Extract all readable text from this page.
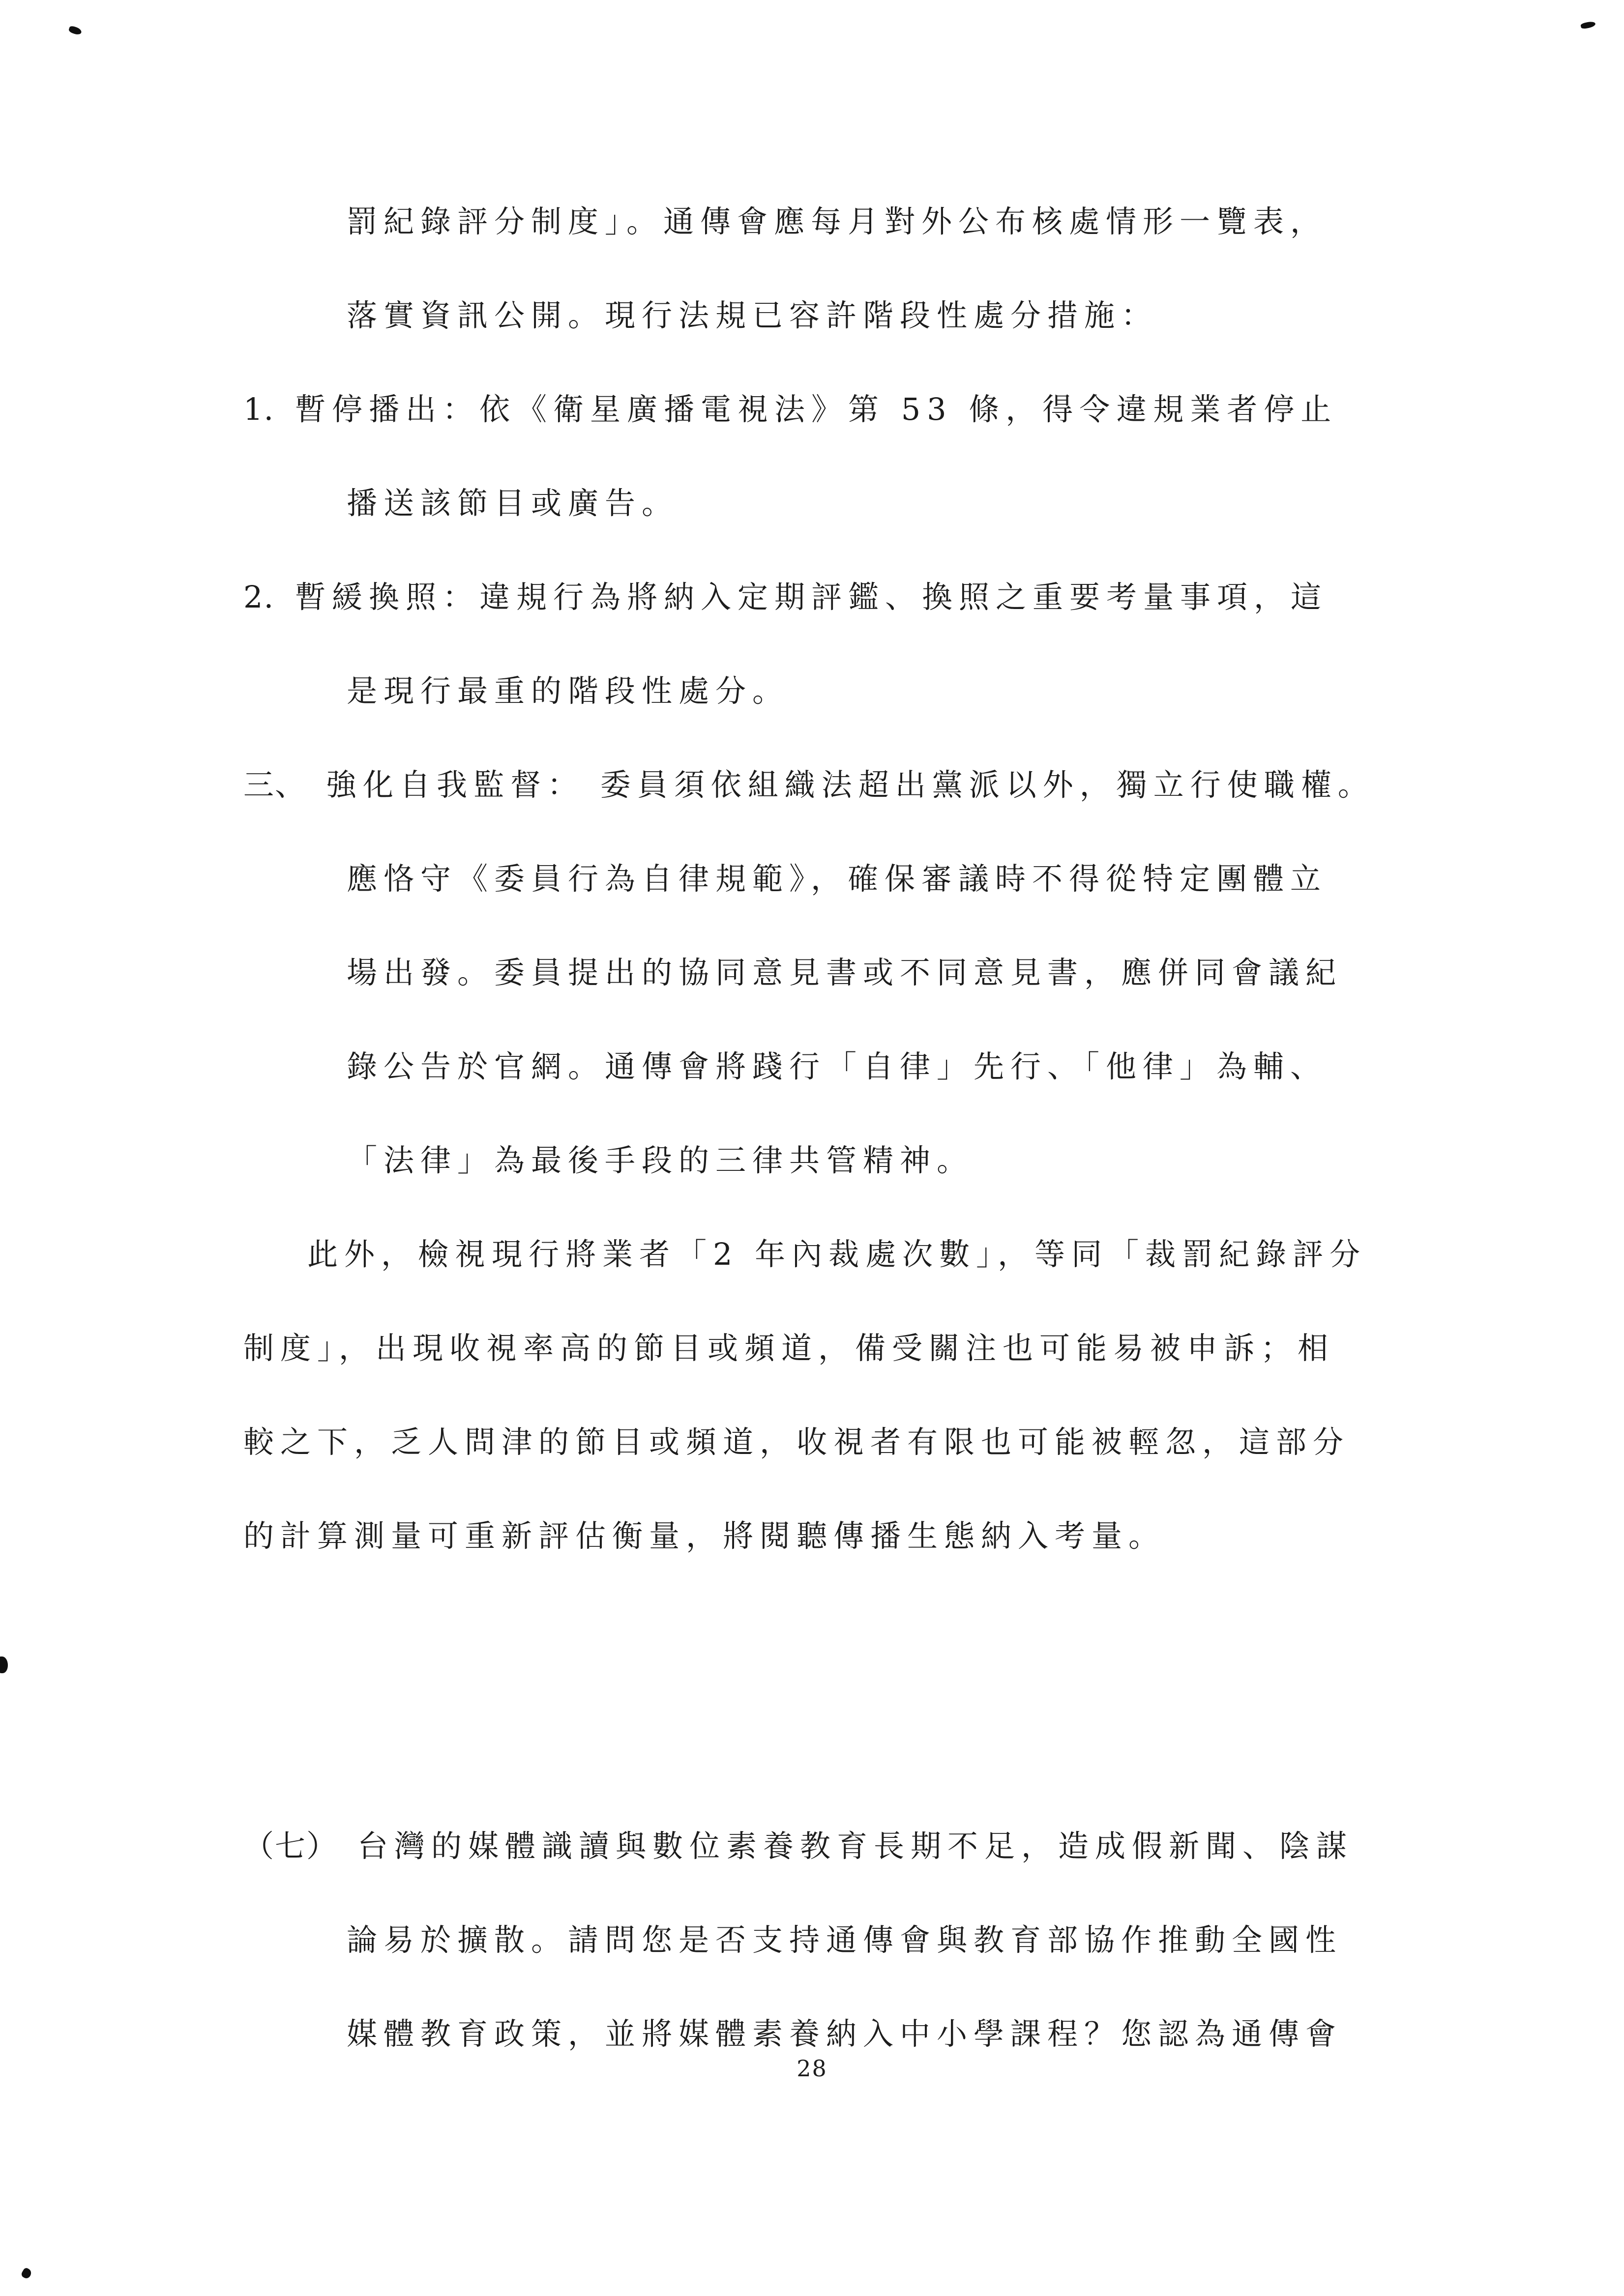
罰紀錄評分制度」。通傳會應每月對外公布核處情形一覽表，
落實資訊公開。現行法規已容許階段性處分措施：
1. 暫停播出：依《衛星廣播電視法》第 53 條，得令違規業者停止
播送該節目或廣告。
2. 暫緩換照：違規行為將納入定期評鑑、換照之重要考量事項，這
是現行最重的階段性處分。
三、 強化自我監督： 委員須依組織法超出黨派以外，獨立行使職權。
應恪守《委員行為自律規範》，確保審議時不得從特定團體立
場出發。委員提出的協同意見書或不同意見書，應併同會議紀
錄公告於官網。通傳會將踐行「自律」先行、「他律」為輔、
「法律」為最後手段的三律共管精神。
此外，檢視現行將業者「2 年內裁處次數」，等同「裁罰紀錄評分
制度」，出現收視率高的節目或頻道，備受關注也可能易被申訴；相
較之下，乏人問津的節目或頻道，收視者有限也可能被輕忽，這部分
的計算測量可重新評估衡量，將閱聽傳播生態納入考量。
（七） 台灣的媒體識讀與數位素養教育長期不足，造成假新聞、陰謀
論易於擴散。請問您是否支持通傳會與教育部協作推動全國性
媒體教育政策，並將媒體素養納入中小學課程？您認為通傳會
28
